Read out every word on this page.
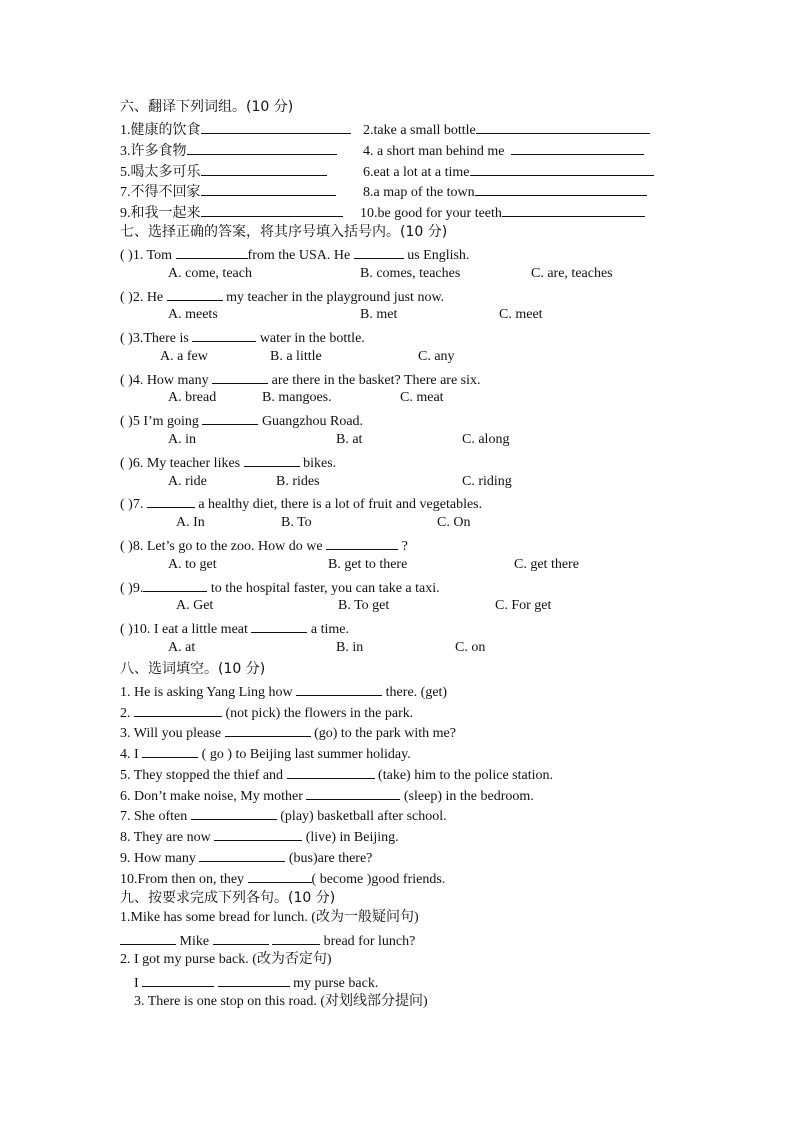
六、翻译下列词组。(10 分)
1.健康的饮食	2.take a small bottle
3.许多食物	4. a short man behind me
5.喝太多可乐	6.eat a lot at a time
7.不得不回家	8.a map of the town
9.和我一起来	10.be good for your teeth
七、选择正确的答案，将其序号填入括号内。(10 分)
( )1. Tom	from the USA. He	us English.
A. come, teach	B. comes, teaches	C. are, teaches
( )2. He	my teacher in the playground just now.
A. meets	B. met	C. meet
( )3.There is	water in the bottle.
A. a few	B. a little	C. any
( )4. How many	are there in the basket? There are six.
A. bread	B. mangoes.	C. meat
( )5 I’m going	Guangzhou Road.
A. in	B. at	C. along
( )6. My teacher likes	bikes.
A. ride	B. rides	C. riding
( )7.	a healthy diet, there is a lot of fruit and vegetables.
A. In	B. To	C. On
( )8. Let’s go to the zoo. How do we	?
A. to get	B. get to there	C. get there
( )9.	to the hospital faster, you can take a taxi.
A. Get	B. To get	C. For get
( )10. I eat a little meat	a time.
A. at	B. in	C. on
八、选词填空。(10 分)
1. He is asking Yang Ling how	there. (get)
2.	(not pick) the flowers in the park.
3. Will you please	(go) to the park with me?
4. I	( go ) to Beijing last summer holiday.
5. They stopped the thief and	(take) him to the police station.
6. Don’t make noise, My mother	(sleep) in the bedroom.
7. She often	(play) basketball after school.
8. They are now	(live) in Beijing.
9. How many	(bus)are there?
10.From then on, they	( become )good friends.
九、按要求完成下列各句。(10 分)
1.Mike has some bread for lunch. (改为一般疑问句)
Mike	bread for lunch?
2. I got my purse back. (改为否定句)
I	my purse back.
3. There is one stop on this road. (对划线部分提问)
